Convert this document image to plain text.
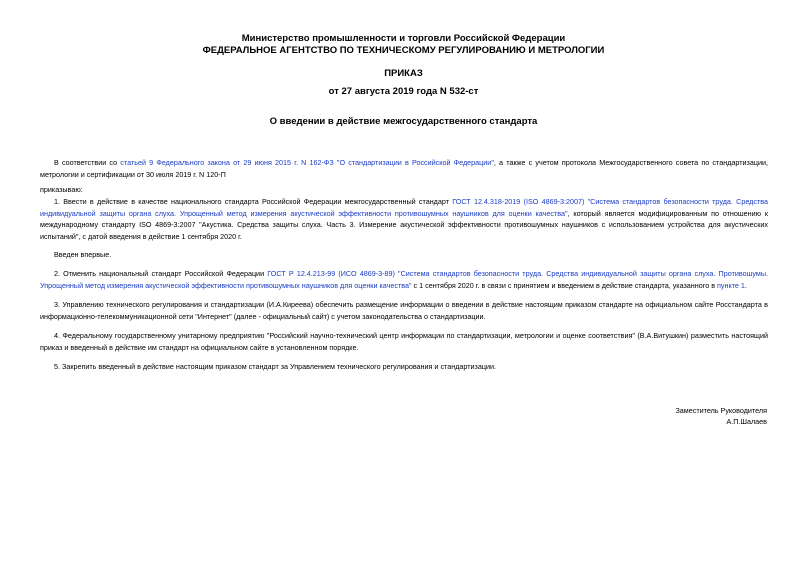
Министерство промышленности и торговли Российской Федерации
ФЕДЕРАЛЬНОЕ АГЕНТСТВО ПО ТЕХНИЧЕСКОМУ РЕГУЛИРОВАНИЮ И МЕТРОЛОГИИ
ПРИКАЗ
от 27 августа 2019 года N 532-ст
О введении в действие межгосударственного стандарта
В соответствии со статьей 9 Федерального закона от 29 июня 2015 г. N 162-ФЗ "О стандартизации в Российской Федерации", а также с учетом протокола Межгосударственного совета по стандартизации, метрологии и сертификации от 30 июля 2019 г. N 120-П
приказываю:
1. Ввести в действие в качестве национального стандарта Российской Федерации межгосударственный стандарт ГОСТ 12.4.318-2019 (ISO 4869-3:2007) "Система стандартов безопасности труда. Средства индивидуальной защиты органа слуха. Упрощенный метод измерения акустической эффективности противошумных наушников для оценки качества", который является модифицированным по отношению к международному стандарту ISO 4869-3:2007 "Акустика. Средства защиты слуха. Часть 3. Измерение акустической эффективности противошумных наушников с использованием устройства для акустических испытаний", с датой введения в действие 1 сентября 2020 г.
Введен впервые.
2. Отменить национальный стандарт Российской Федерации ГОСТ Р 12.4.213-99 (ИСО 4869-3-89) "Система стандартов безопасности труда. Средства индивидуальной защиты органа слуха. Противошумы. Упрощенный метод измерения акустической эффективности противошумных наушников для оценки качества" с 1 сентября 2020 г. в связи с принятием и введением в действие стандарта, указанного в пункте 1.
3. Управлению технического регулирования и стандартизации (И.А.Киреева) обеспечить размещение информации о введении в действие настоящим приказом стандарте на официальном сайте Росстандарта в информационно-телекоммуникационной сети "Интернет" (далее - официальный сайт) с учетом законодательства о стандартизации.
4. Федеральному государственному унитарному предприятию "Российский научно-технический центр информации по стандартизации, метрологии и оценке соответствия" (В.А.Витушкин) разместить настоящий приказ и введенный в действие им стандарт на официальном сайте в установленном порядке.
5. Закрепить введенный в действие настоящим приказом стандарт за Управлением технического регулирования и стандартизации.
Заместитель Руководителя
А.П.Шалаев
